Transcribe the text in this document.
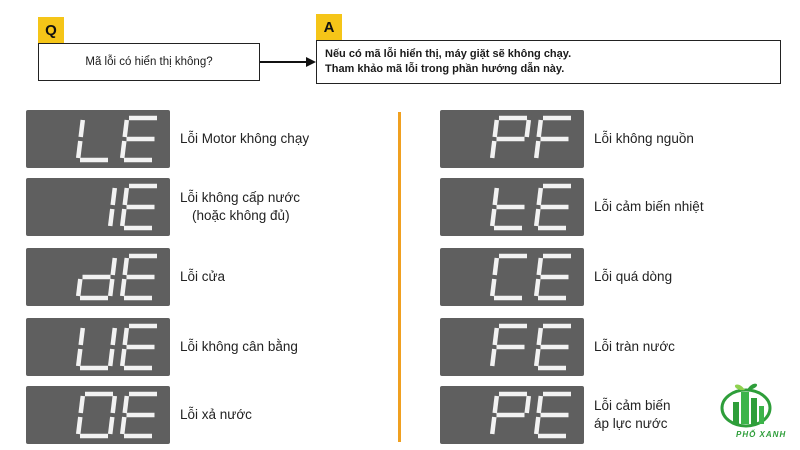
Q
Mã lỗi có hiển thị không?
A
Nếu có mã lỗi hiển thị, máy giặt sẽ không chạy.
Tham khảo mã lỗi trong phần hướng dẫn này.
Lỗi Motor không chạy
Lỗi không cấp nước
(hoặc không đủ)
Lỗi cửa
Lỗi không cân bằng
Lỗi xả nước
Lỗi không nguồn
Lỗi cảm biến nhiệt
Lỗi quá dòng
Lỗi tràn nước
Lỗi cảm biến
áp lực nước
PHỐ XANH
